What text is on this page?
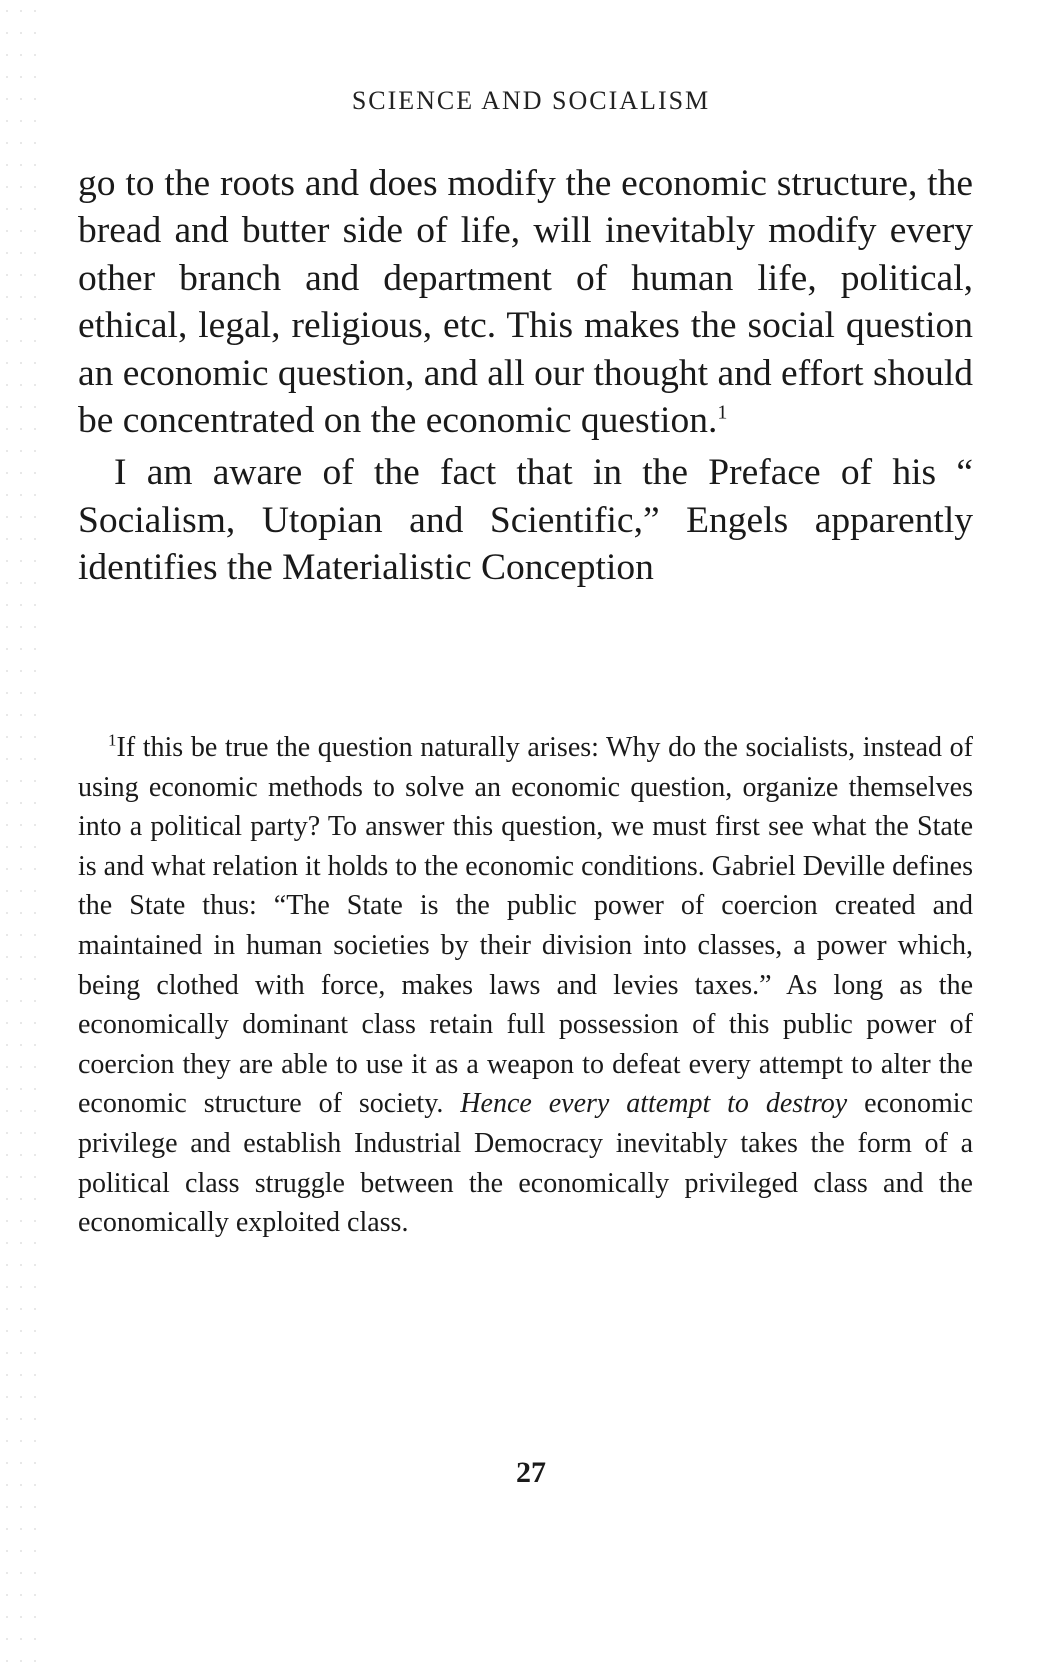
SCIENCE AND SOCIALISM

go to the roots and does modify the economic structure, the bread and butter side of life, will inevitably modify every other branch and department of human life, political, ethical, legal, religious, etc. This makes the social question an economic question, and all our thought and effort should be concentrated on the economic question.$^1$

I am aware of the fact that in the Preface of his “ Socialism, Utopian and Scientific,” Engels apparently identifies the Materialistic Conception

$^1$If this be true the question naturally arises: Why do the socialists, instead of using economic methods to solve an economic question, organize themselves into a political party? To answer this question, we must first see what the State is and what relation it holds to the economic conditions. Gabriel Deville defines the State thus: “The State is the public power of coercion created and maintained in human societies by their division into classes, a power which, being clothed with force, makes laws and levies taxes.” As long as the economically dominant class retain full possession of this public power of coercion they are able to use it as a weapon to defeat every attempt to alter the economic structure of society. Hence every attempt to destroy economic privilege and establish Industrial Democracy inevitably takes the form of a political class struggle between the economically privileged class and the economically exploited class.

27
